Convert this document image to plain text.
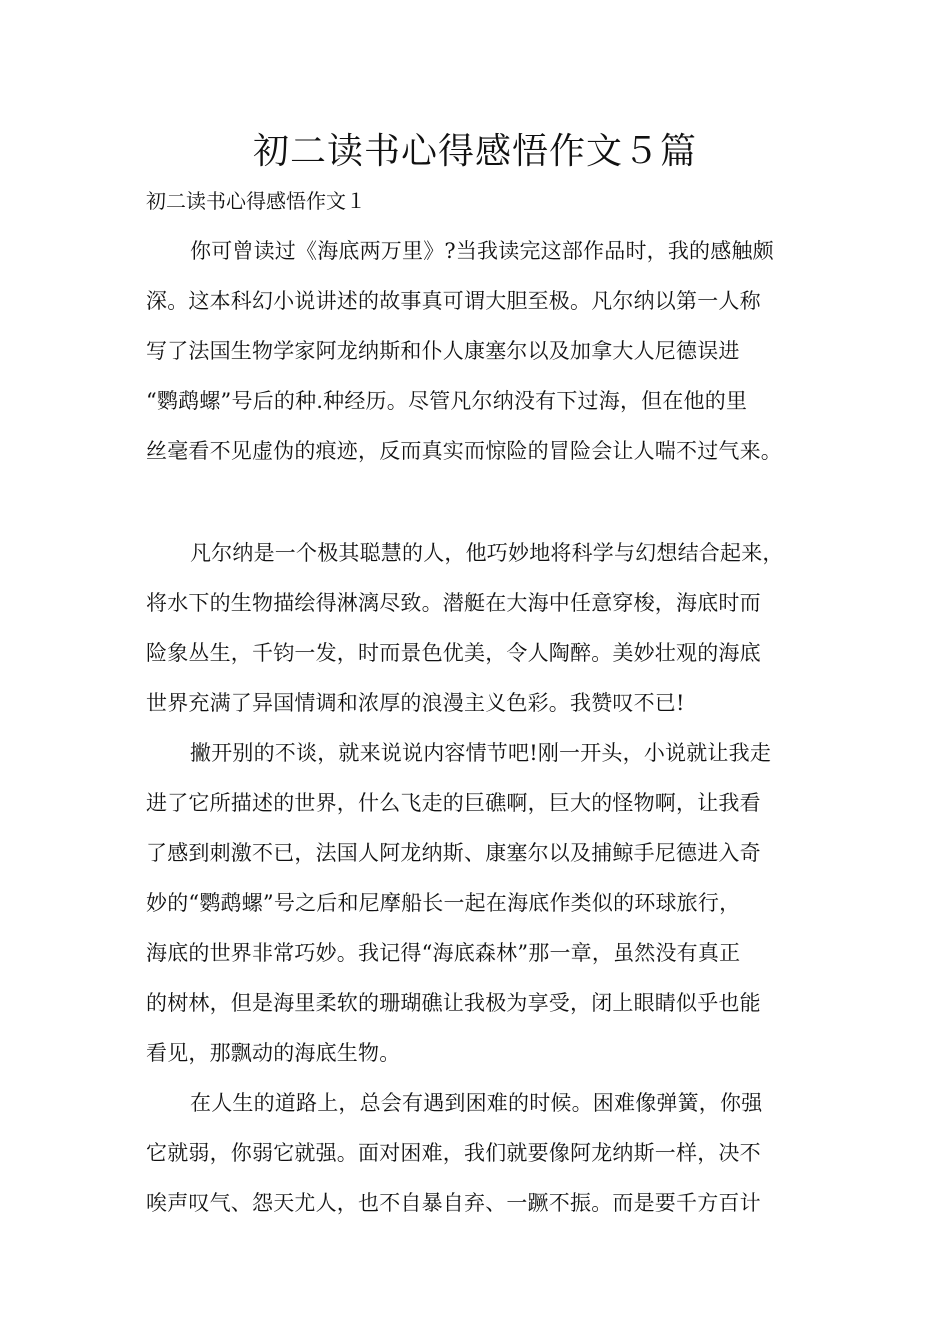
初二读书心得感悟作文５篇
初二读书心得感悟作文１
你可曾读过《海底两万里》?当我读完这部作品时，我的感触颇
深。这本科幻小说讲述的故事真可谓大胆至极。凡尔纳以第一人称
写了法国生物学家阿龙纳斯和仆人康塞尔以及加拿大人尼德误进
“鹦鹉螺”号后的种.种经历。尽管凡尔纳没有下过海，但在他的里
丝毫看不见虚伪的痕迹，反而真实而惊险的冒险会让人喘不过气来。
凡尔纳是一个极其聪慧的人，他巧妙地将科学与幻想结合起来，
将水下的生物描绘得淋漓尽致。潜艇在大海中任意穿梭，海底时而
险象丛生，千钧一发，时而景色优美，令人陶醉。美妙壮观的海底
世界充满了异国情调和浓厚的浪漫主义色彩。我赞叹不已!
撇开别的不谈，就来说说内容情节吧!刚一开头，小说就让我走
进了它所描述的世界，什么飞走的巨礁啊，巨大的怪物啊，让我看
了感到刺激不已，法国人阿龙纳斯、康塞尔以及捕鲸手尼德进入奇
妙的“鹦鹉螺”号之后和尼摩船长一起在海底作类似的环球旅行，
海底的世界非常巧妙。我记得“海底森林”那一章，虽然没有真正
的树林，但是海里柔软的珊瑚礁让我极为享受，闭上眼睛似乎也能
看见，那飘动的海底生物。
在人生的道路上，总会有遇到困难的时候。困难像弹簧，你强
它就弱，你弱它就强。面对困难，我们就要像阿龙纳斯一样，决不
唉声叹气、怨天尤人，也不自暴自弃、一蹶不振。而是要千方百计
